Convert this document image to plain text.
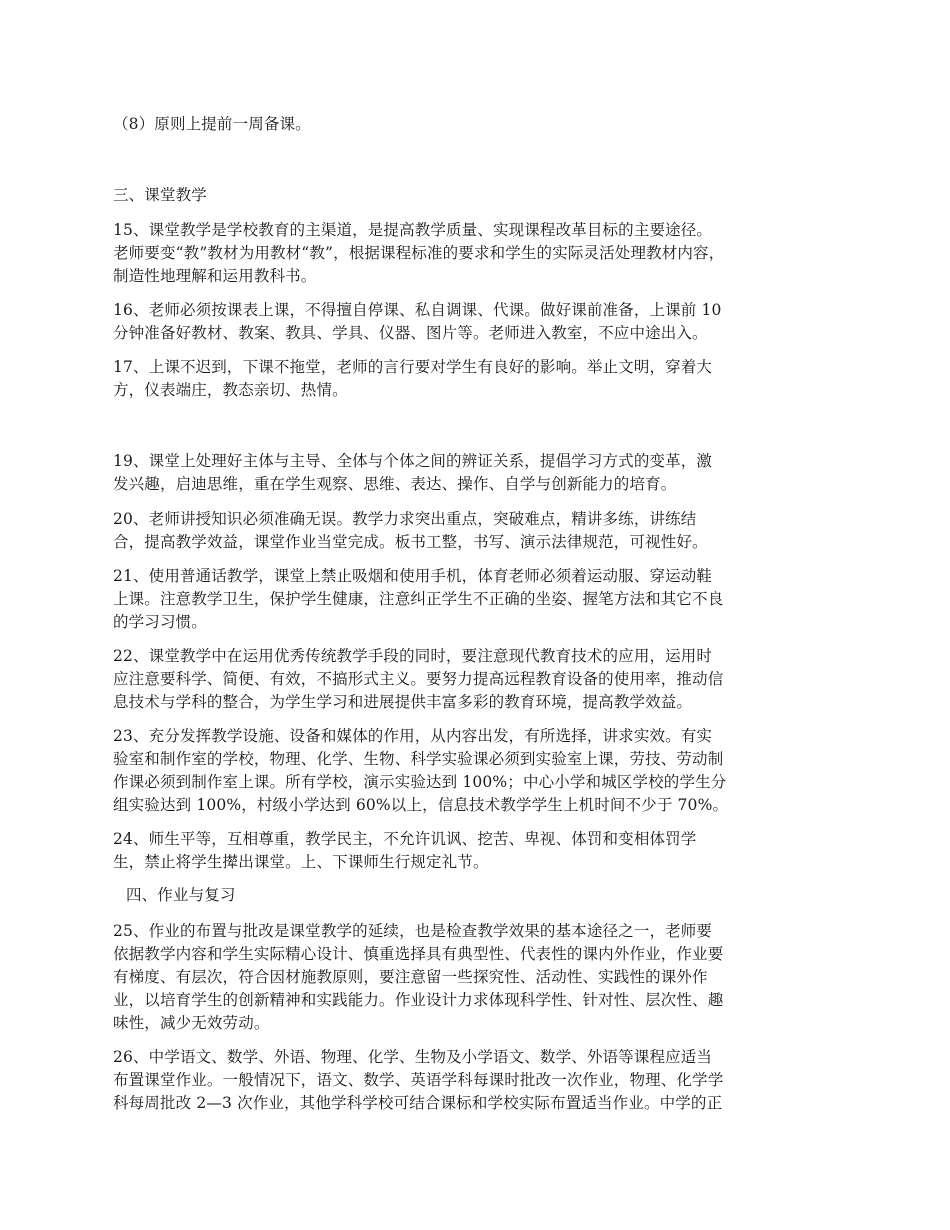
（8）原则上提前一周备课。
三、课堂教学
15、课堂教学是学校教育的主渠道，是提高教学质量、实现课程改革目标的主要途径。
老师要变“教”教材为用教材“教”，根据课程标准的要求和学生的实际灵活处理教材内容，
制造性地理解和运用教科书。
16、老师必须按课表上课，不得擅自停课、私自调课、代课。做好课前准备，上课前 10
分钟准备好教材、教案、教具、学具、仪器、图片等。老师进入教室，不应中途出入。
17、上课不迟到，下课不拖堂，老师的言行要对学生有良好的影响。举止文明，穿着大
方，仪表端庄，教态亲切、热情。
19、课堂上处理好主体与主导、全体与个体之间的辨证关系，提倡学习方式的变革，激
发兴趣，启迪思维，重在学生观察、思维、表达、操作、自学与创新能力的培育。
20、老师讲授知识必须准确无误。教学力求突出重点，突破难点，精讲多练，讲练结
合，提高教学效益，课堂作业当堂完成。板书工整，书写、演示法律规范，可视性好。
21、使用普通话教学，课堂上禁止吸烟和使用手机，体育老师必须着运动服、穿运动鞋
上课。注意教学卫生，保护学生健康，注意纠正学生不正确的坐姿、握笔方法和其它不良
的学习习惯。
22、课堂教学中在运用优秀传统教学手段的同时，要注意现代教育技术的应用，运用时
应注意要科学、简便、有效，不搞形式主义。要努力提高远程教育设备的使用率，推动信
息技术与学科的整合，为学生学习和进展提供丰富多彩的教育环境，提高教学效益。
23、充分发挥教学设施、设备和媒体的作用，从内容出发，有所选择，讲求实效。有实
验室和制作室的学校，物理、化学、生物、科学实验课必须到实验室上课，劳技、劳动制
作课必须到制作室上课。所有学校，演示实验达到 100%；中心小学和城区学校的学生分
组实验达到 100%，村级小学达到 60%以上，信息技术教学学生上机时间不少于 70%。
24、师生平等，互相尊重，教学民主，不允许讥讽、挖苦、卑视、体罚和变相体罚学
生，禁止将学生撵出课堂。上、下课师生行规定礼节。
四、作业与复习
25、作业的布置与批改是课堂教学的延续，也是检查教学效果的基本途径之一，老师要
依据教学内容和学生实际精心设计、慎重选择具有典型性、代表性的课内外作业，作业要
有梯度、有层次，符合因材施教原则，要注意留一些探究性、活动性、实践性的课外作
业，以培育学生的创新精神和实践能力。作业设计力求体现科学性、针对性、层次性、趣
味性，减少无效劳动。
26、中学语文、数学、外语、物理、化学、生物及小学语文、数学、外语等课程应适当
布置课堂作业。一般情况下，语文、数学、英语学科每课时批改一次作业，物理、化学学
科每周批改 2—3 次作业，其他学科学校可结合课标和学校实际布置适当作业。中学的正
